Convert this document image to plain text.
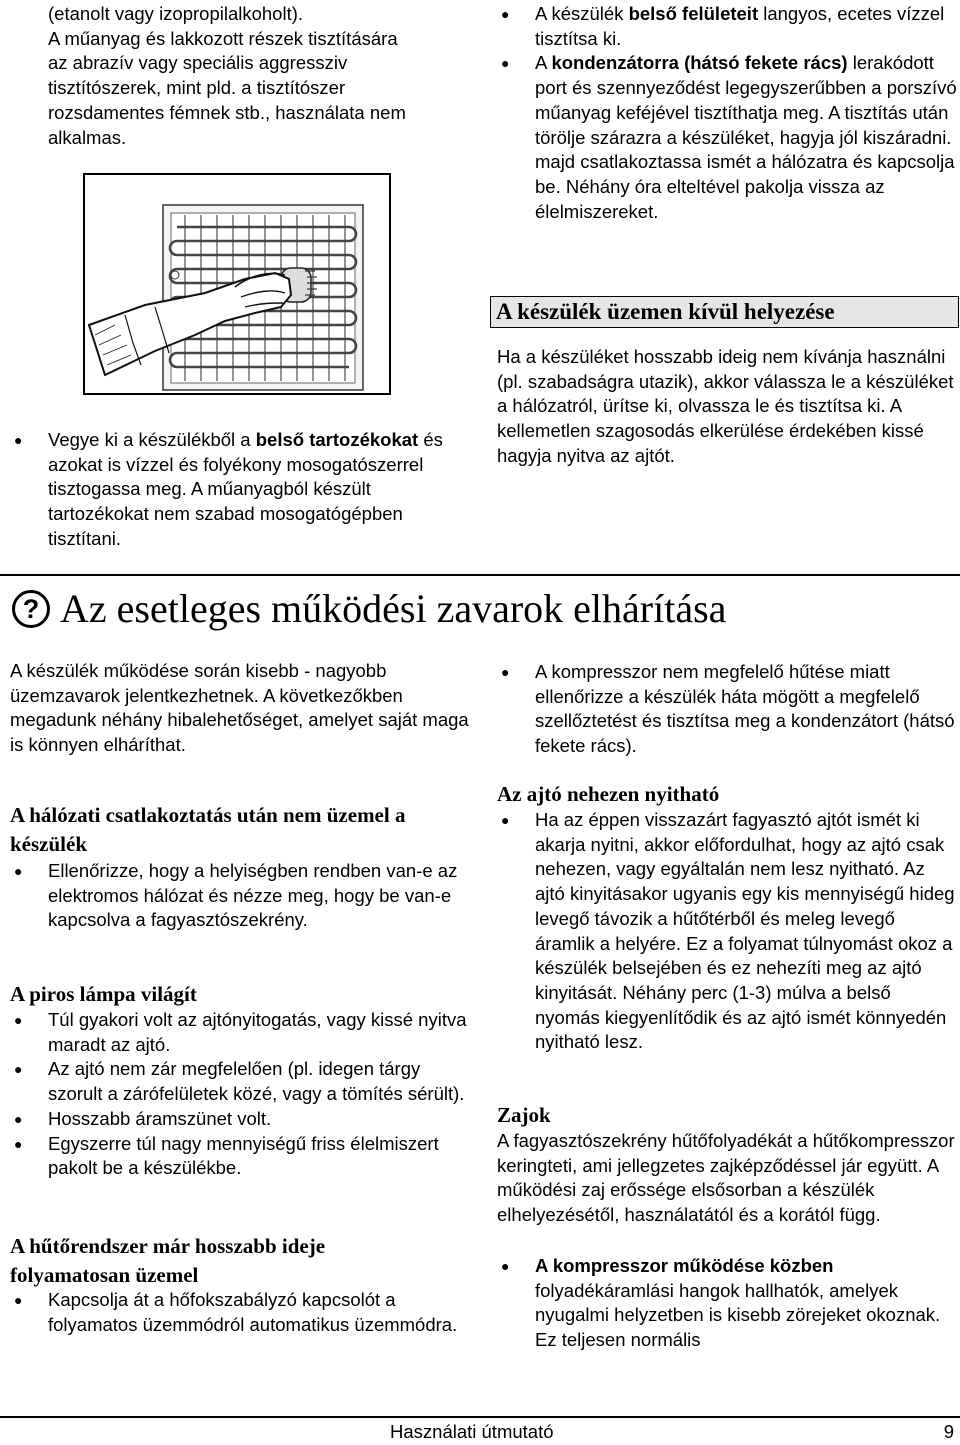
(etanolt vagy izopropilalkoholt).
A műanyag és lakkozott részek tisztítására
az abrazív vagy speciális aggressziv
tisztítószerek, mint pld. a tisztítószer
rozsdamentes fémnek stb., használata nem
alkalmas.
● Vegye ki a készülékből a belső tartozékokat és azokat is vízzel és folyékony mosogatószerrel tisztogassa meg. A műanyagból készült tartozékokat nem szabad mosogatógépben tisztítani.
● A készülék belső felületeit langyos, ecetes vízzel tisztítsa ki.
● A kondenzátorra (hátsó fekete rács) lerakódott port és szennyeződést legegyszerűbben a porszívó műanyag keféjével tisztíthatja meg. A tisztítás után törölje szárazra a készüléket, hagyja jól kiszáradni. majd csatlakoztassa ismét a hálózatra és kapcsolja be. Néhány óra elteltével pakolja vissza az élelmiszereket.
A készülék üzemen kívül helyezése
Ha a készüléket hosszabb ideig nem kívánja használni (pl. szabadságra utazik), akkor válassza le a készüléket a hálózatról, ürítse ki, olvassza le és tisztítsa ki. A kellemetlen szagosodás elkerülése érdekében kissé hagyja nyitva az ajtót.
? Az esetleges működési zavarok elhárítása
A készülék működése során kisebb - nagyobb üzemzavarok jelentkezhetnek. A következőkben megadunk néhány hibalehetőséget, amelyet saját maga is könnyen elháríthat.
A hálózati csatlakoztatás után nem üzemel a készülék
● Ellenőrizze, hogy a helyiségben rendben van-e az elektromos hálózat és nézze meg, hogy be van-e kapcsolva a fagyasztószekrény.
A piros lámpa világít
● Túl gyakori volt az ajtónyitogatás, vagy kissé nyitva maradt az ajtó.
● Az ajtó nem zár megfelelően (pl. idegen tárgy szorult a zárófelületek közé, vagy a tömítés sérült).
● Hosszabb áramszünet volt.
● Egyszerre túl nagy mennyiségű friss élelmiszert pakolt be a készülékbe.
A hűtőrendszer már hosszabb ideje folyamatosan üzemel
● Kapcsolja át a hőfokszabályzó kapcsolót a folyamatos üzemmódról automatikus üzemmódra.
● A kompresszor nem megfelelő hűtése miatt ellenőrizze a készülék háta mögött a megfelelő szellőztetést és tisztítsa meg a kondenzátort (hátsó fekete rács).
Az ajtó nehezen nyitható
● Ha az éppen visszazárt fagyasztó ajtót ismét ki akarja nyitni, akkor előfordulhat, hogy az ajtó csak nehezen, vagy egyáltalán nem lesz nyitható. Az ajtó kinyitásakor ugyanis egy kis mennyiségű hideg levegő távozik a hűtőtérből és meleg levegő áramlik a helyére. Ez a folyamat túlnyomást okoz a készülék belsejében és ez nehezíti meg az ajtó kinyitását. Néhány perc (1-3) múlva a belső nyomás kiegyenlítődik és az ajtó ismét könnyedén nyitható lesz.
Zajok
A fagyasztószekrény hűtőfolyadékát a hűtőkompresszor keringteti, ami jellegzetes zajképződéssel jár együtt. A működési zaj erőssége elsősorban a készülék elhelyezésétől, használatától és a korától függ.
● A kompresszor működése közben folyadékáramlási hangok hallhatók, amelyek nyugalmi helyzetben is kisebb zörejeket okoznak. Ez teljesen normális
Használati útmutató	9
